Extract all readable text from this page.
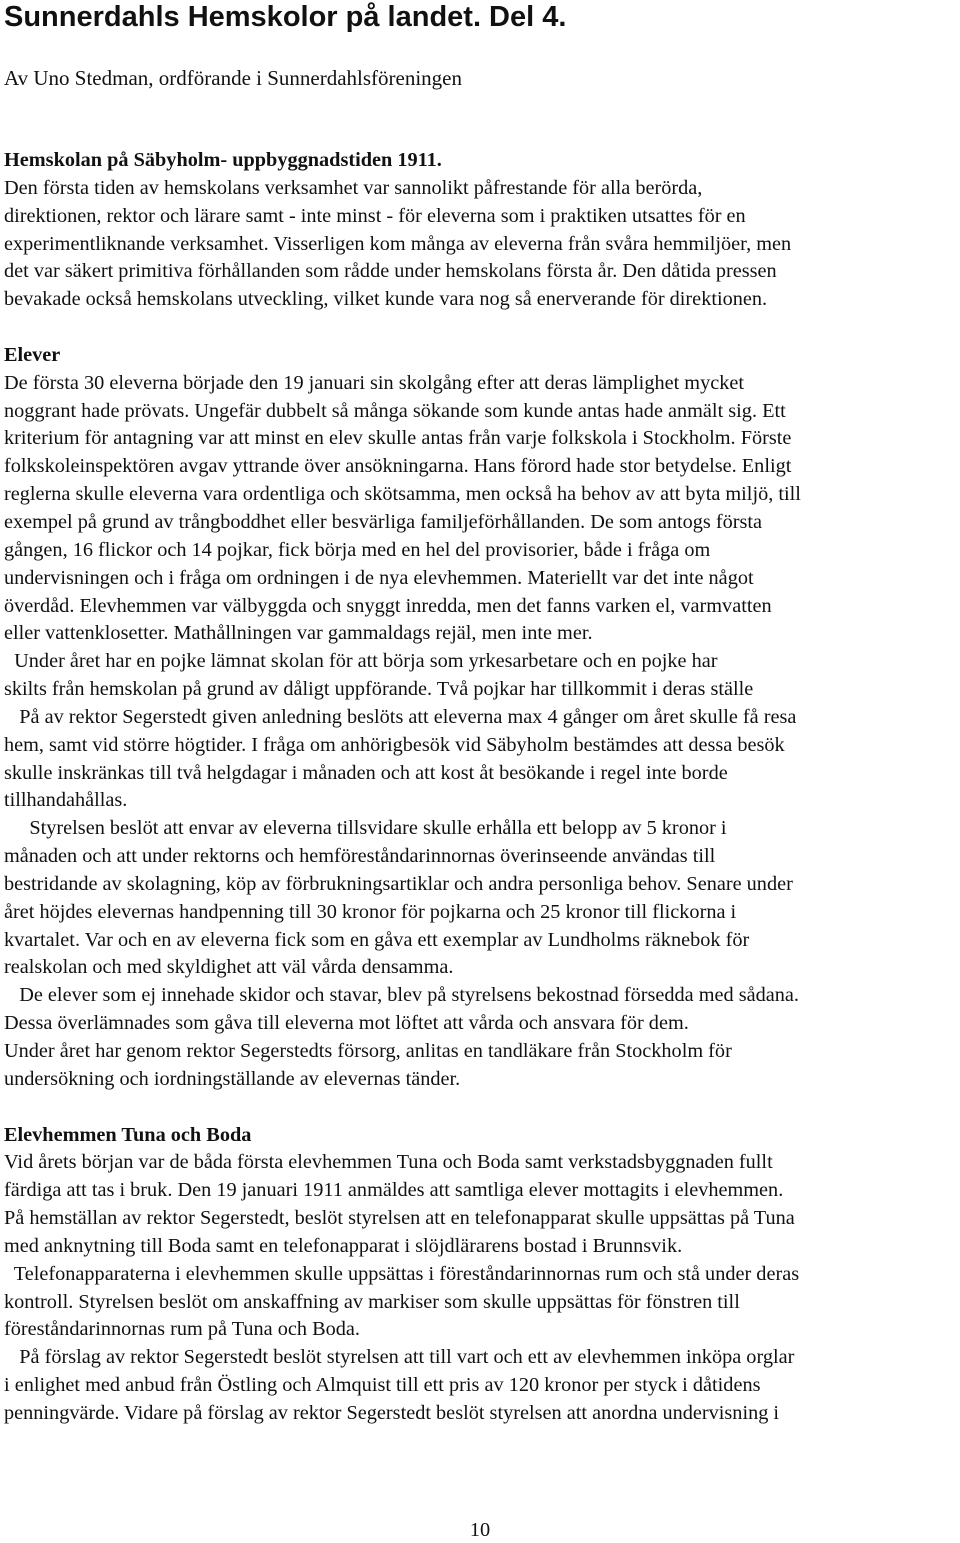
Sunnerdahls Hemskolor på landet. Del 4.
Av Uno Stedman, ordförande i Sunnerdahlsföreningen
Hemskolan på Säbyholm- uppbyggnadstiden 1911.
Den första tiden av hemskolans verksamhet var sannolikt påfrestande för alla berörda,
direktionen, rektor och lärare samt - inte minst - för eleverna som i praktiken utsattes för en
experimentliknande verksamhet. Visserligen kom många av eleverna från svåra hemmiljöer, men
det var säkert primitiva förhållanden som rådde under hemskolans första år. Den dåtida pressen
bevakade också hemskolans utveckling, vilket kunde vara nog så enerverande för direktionen.
Elever
De första 30 eleverna började den 19 januari sin skolgång efter att deras lämplighet mycket
noggrant hade prövats. Ungefär dubbelt så många sökande som kunde antas hade anmält sig. Ett
kriterium för antagning var att minst en elev skulle antas från varje folkskola i Stockholm. Förste
folkskoleinspektören avgav yttrande över ansökningarna. Hans förord hade stor betydelse. Enligt
reglerna skulle eleverna vara ordentliga och skötsamma, men också ha behov av att byta miljö, till
exempel på grund av trångboddhet eller besvärliga familjeförhållanden. De som antogs första
gången, 16 flickor och 14 pojkar, fick börja med en hel del provisorier, både i fråga om
undervisningen och i fråga om ordningen i de nya elevhemmen. Materiellt var det inte något
överdåd. Elevhemmen var välbyggda och snyggt inredda, men det fanns varken el, varmvatten
eller vattenklosetter. Mathållningen var gammaldags rejäl, men inte mer.
Under året har en pojke lämnat skolan för att börja som yrkesarbetare och en pojke har
skilts från hemskolan på grund av dåligt uppförande. Två pojkar har tillkommit i deras ställe
På av rektor Segerstedt given anledning beslöts att eleverna max 4 gånger om året skulle få resa
hem, samt vid större högtider. I fråga om anhörigbesök vid Säbyholm bestämdes att dessa besök
skulle inskränkas till två helgdagar i månaden och att kost åt besökande i regel inte borde
tillhandahållas.
Styrelsen beslöt att envar av eleverna tillsvidare skulle erhålla ett belopp av 5 kronor i
månaden och att under rektorns och hemföreståndarinnornas överinseende användas till
bestridande av skolagning, köp av förbrukningsartiklar och andra personliga behov. Senare under
året höjdes elevernas handpenning till 30 kronor för pojkarna och 25 kronor till flickorna i
kvartalet. Var och en av eleverna fick som en gåva ett exemplar av Lundholms räknebok för
realskolan och med skyldighet att väl vårda densamma.
De elever som ej innehade skidor och stavar, blev på styrelsens bekostnad försedda med sådana.
Dessa överlämnades som gåva till eleverna mot löftet att vårda och ansvara för dem.
Under året har genom rektor Segerstedts försorg, anlitas en tandläkare från Stockholm för
undersökning och iordningställande av elevernas tänder.
Elevhemmen Tuna och Boda
Vid årets början var de båda första elevhemmen Tuna och Boda samt verkstadsbyggnaden fullt
färdiga att tas i bruk. Den 19 januari 1911 anmäldes att samtliga elever mottagits i elevhemmen.
På hemställan av rektor Segerstedt, beslöt styrelsen att en telefonapparat skulle uppsättas på Tuna
med anknytning till Boda samt en telefonapparat i slöjdlärarens bostad i Brunnsvik.
Telefonapparaterna i elevhemmen skulle uppsättas i föreståndarinnornas rum och stå under deras
kontroll. Styrelsen beslöt om anskaffning av markiser som skulle uppsättas för fönstren till
föreståndarinnornas rum på Tuna och Boda.
På förslag av rektor Segerstedt beslöt styrelsen att till vart och ett av elevhemmen inköpa orglar
i enlighet med anbud från Östling och Almquist till ett pris av 120 kronor per styck i dåtidens
penningvärde. Vidare på förslag av rektor Segerstedt beslöt styrelsen att anordna undervisning i
10
